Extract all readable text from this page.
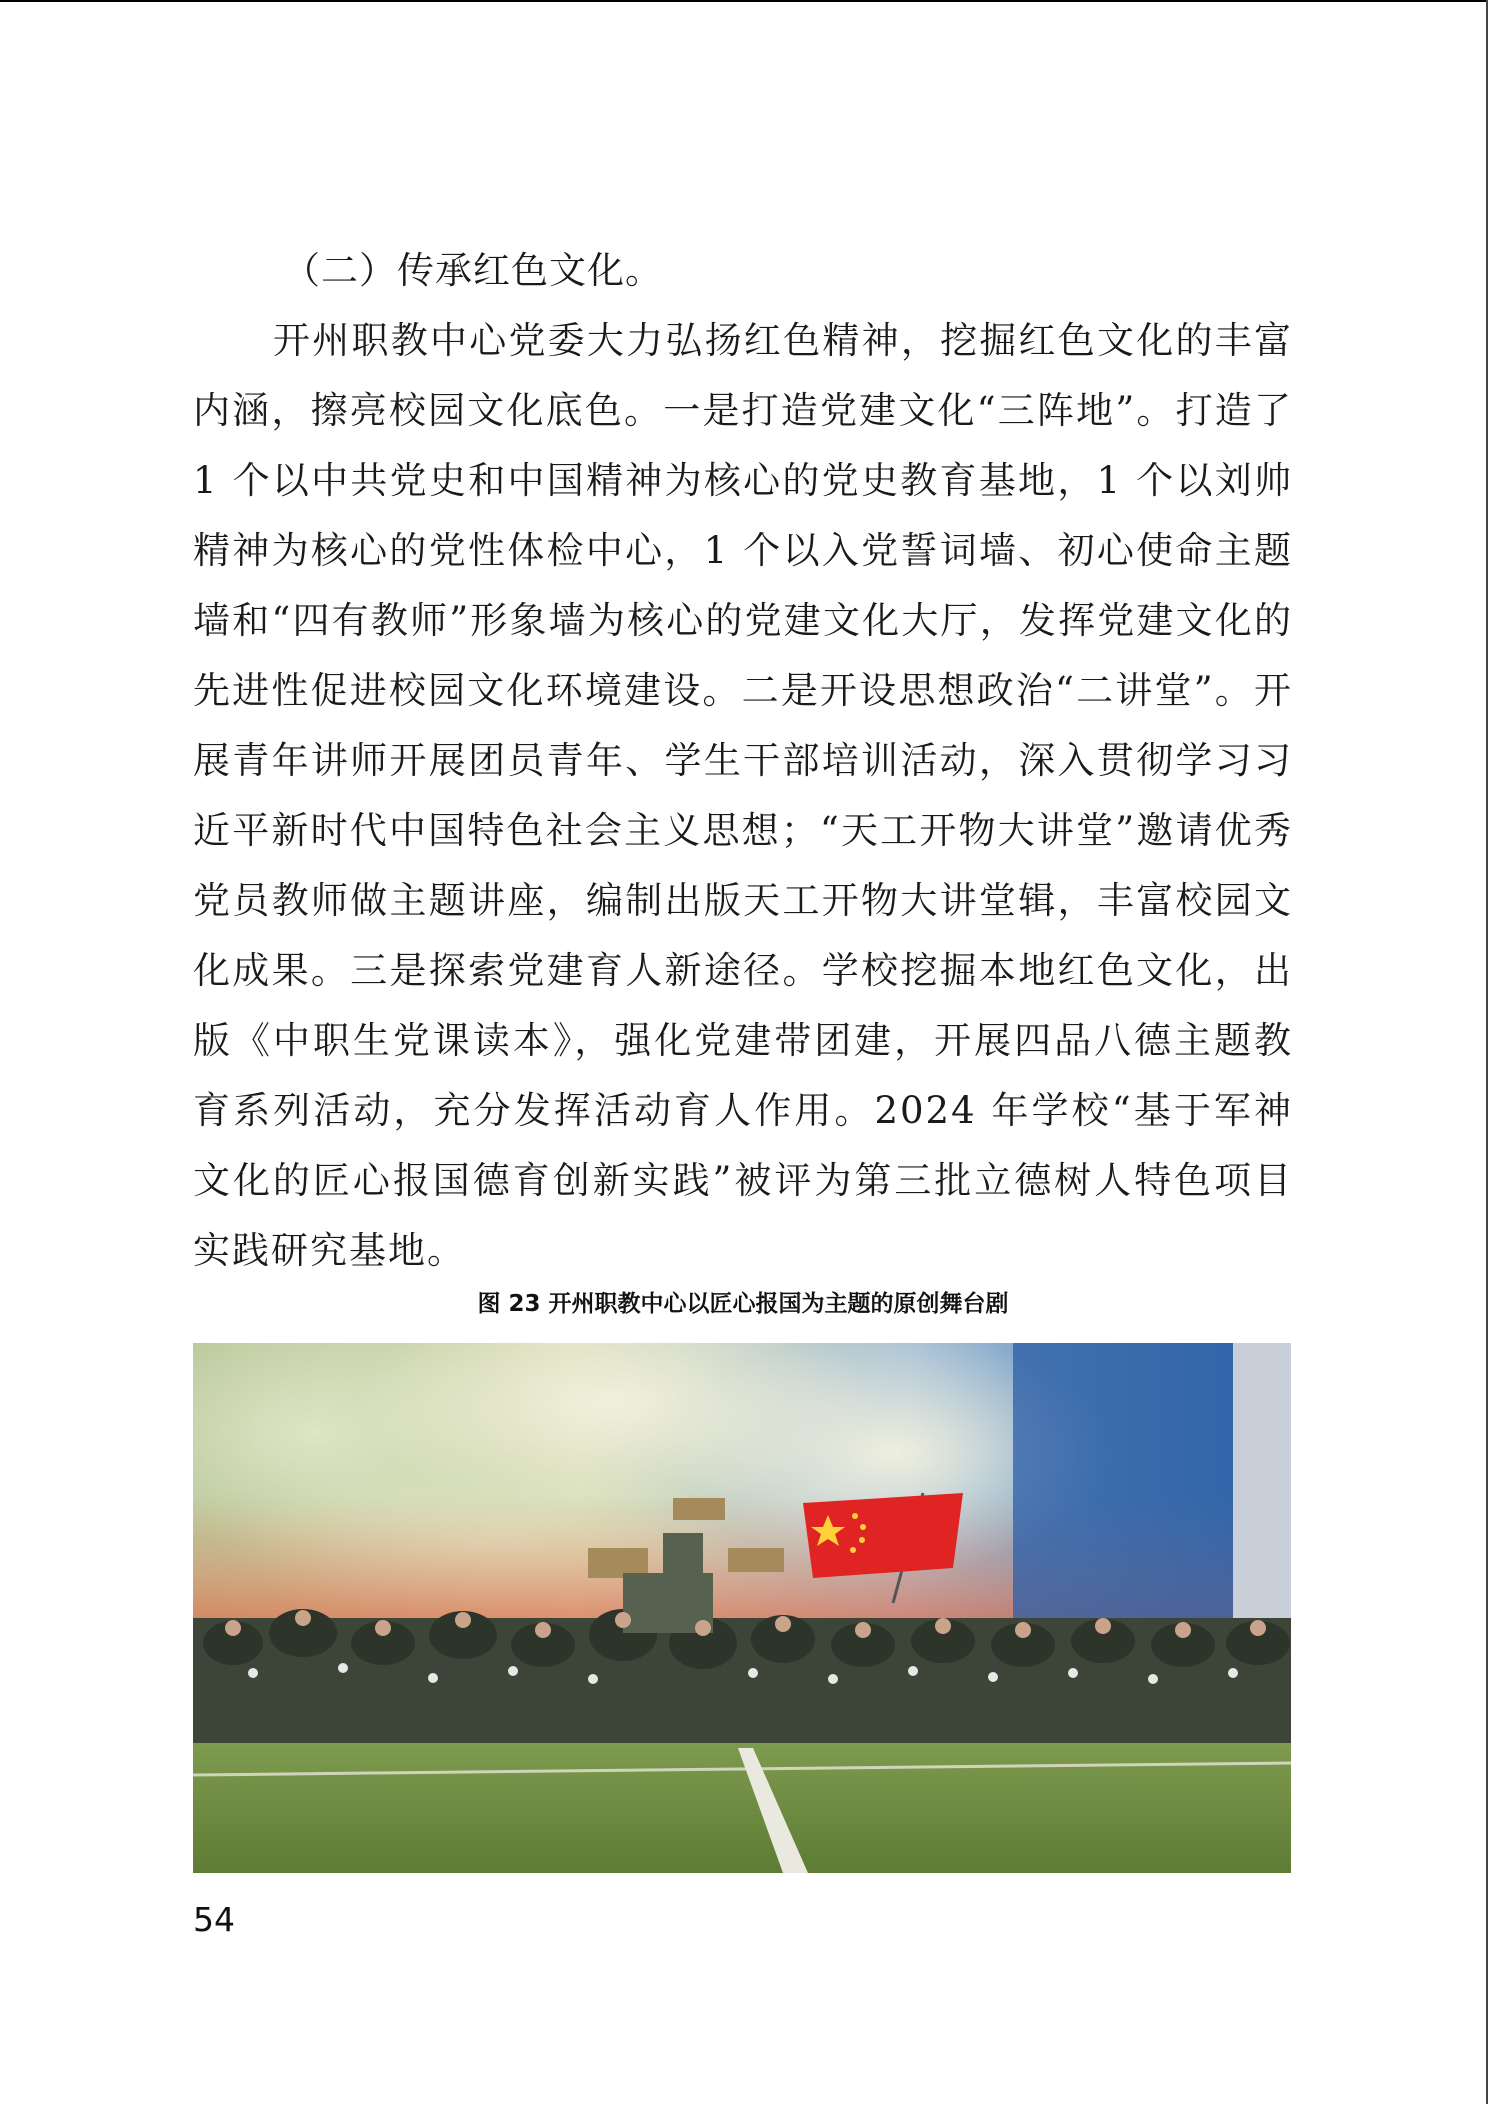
（二）传承红色文化。

开州职教中心党委大力弘扬红色精神，挖掘红色文化的丰富内涵，擦亮校园文化底色。一是打造党建文化“三阵地”。打造了 1 个以中共党史和中国精神为核心的党史教育基地，1 个以刘帅精神为核心的党性体检中心，1 个以入党誓词墙、初心使命主题墙和“四有教师”形象墙为核心的党建文化大厅，发挥党建文化的先进性促进校园文化环境建设。二是开设思想政治“二讲堂”。开展青年讲师开展团员青年、学生干部培训活动，深入贯彻学习习近平新时代中国特色社会主义思想；“天工开物大讲堂”邀请优秀党员教师做主题讲座，编制出版天工开物大讲堂辑，丰富校园文化成果。三是探索党建育人新途径。学校挖掘本地红色文化，出版《中职生党课读本》，强化党建带团建，开展四品八德主题教育系列活动，充分发挥活动育人作用。2024 年学校“基于军神文化的匠心报国德育创新实践”被评为第三批立德树人特色项目实践研究基地。

图 23 开州职教中心以匠心报国为主题的原创舞台剧
54
